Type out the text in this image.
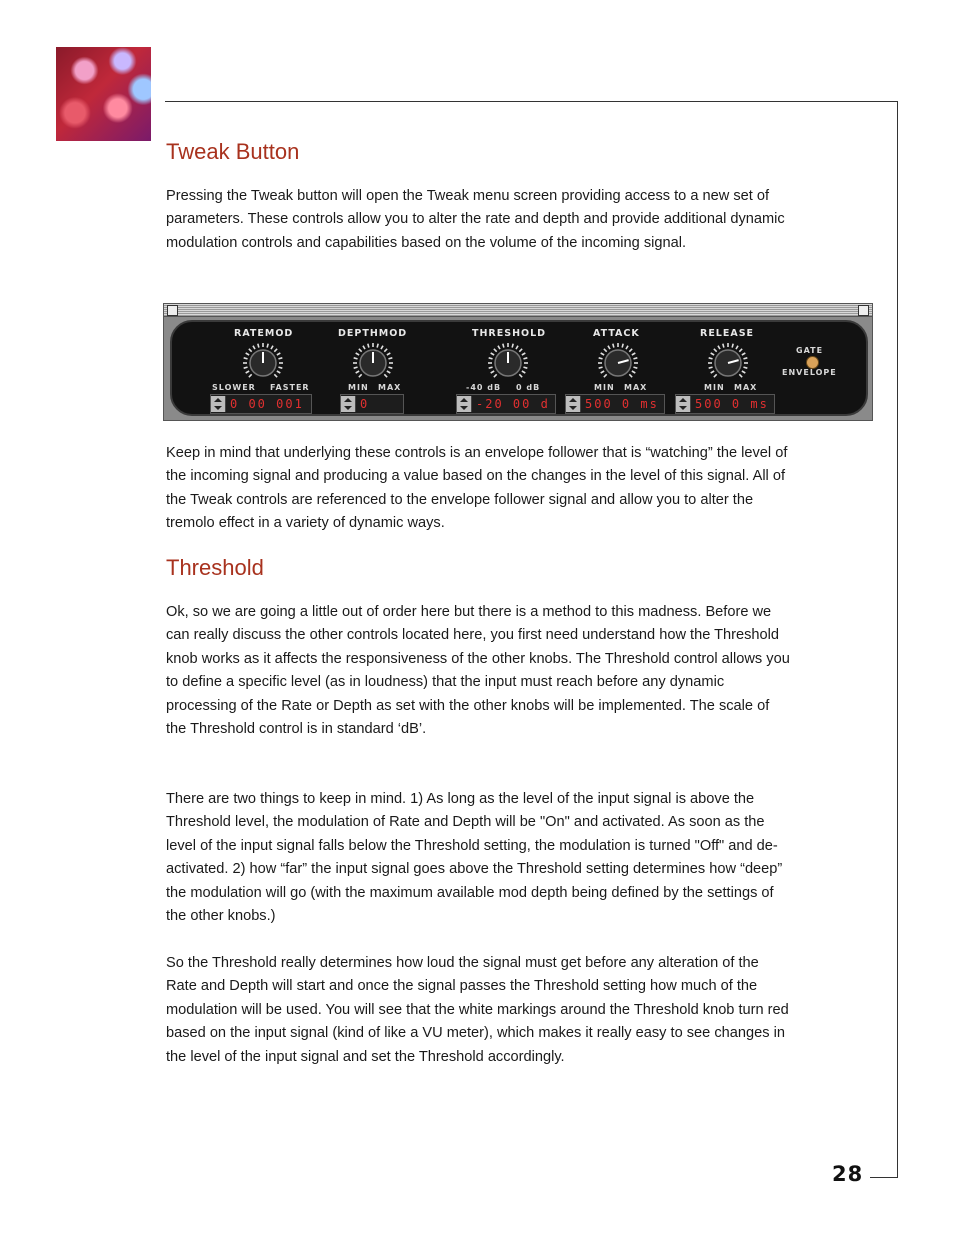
Tweak Button

Pressing the Tweak button will open the Tweak menu screen providing access to a new set of parameters. These controls allow you to alter the rate and depth and provide additional dynamic modulation controls and capabilities based on the volume of the incoming signal.

RATEMOD
SLOWER FASTER
0 00 001
DEPTHMOD
MIN MAX
0
THRESHOLD
-40 dB 0 dB
-20 00 d
ATTACK
MIN MAX
500 0 ms
RELEASE
MIN MAX
500 0 ms
GATE
ENVELOPE

Keep in mind that underlying these controls is an envelope follower that is “watching” the level of the incoming signal and producing a value based on the changes in the level of this signal. All of the Tweak controls are referenced to the envelope follower signal and allow you to alter the tremolo effect in a variety of dynamic ways.

Threshold

Ok, so we are going a little out of order here but there is a method to this madness. Before we can really discuss the other controls located here, you first need understand how the Threshold knob works as it affects the responsiveness of the other knobs. The Threshold control allows you to define a specific level (as in loudness) that the input must reach before any dynamic processing of the Rate or Depth as set with the other knobs will be implemented. The scale of the Threshold control is in standard ‘dB’.

There are two things to keep in mind. 1) As long as the level of the input signal is above the Threshold level, the modulation of Rate and Depth will be "On" and activated. As soon as the level of the input signal falls below the Threshold setting, the modulation is turned "Off" and de-activated. 2) how “far” the input signal goes above the Threshold setting determines how “deep” the modulation will go (with the maximum available mod depth being defined by the settings of the other knobs.)

So the Threshold really determines how loud the signal must get before any alteration of the Rate and Depth will start and once the signal passes the Threshold setting how much of the modulation will be used. You will see that the white markings around the Threshold knob turn red based on the input signal (kind of like a VU meter), which makes it really easy to see changes in the level of the input signal and set the Threshold accordingly.

28
